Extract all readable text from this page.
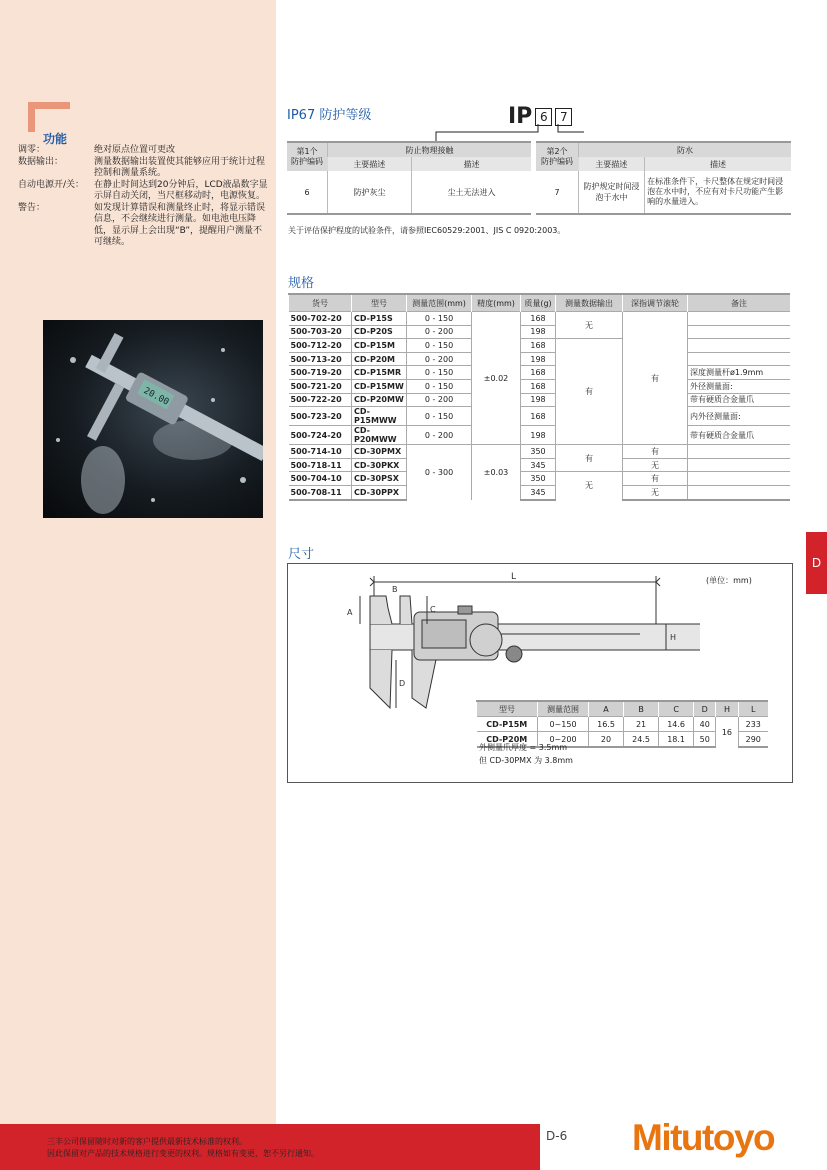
功能
调零：	绝对原点位置可更改
数据输出：	测量数据输出装置使其能够应用于统计过程控制和测量系统。
自动电源开/关：	在静止时间达到20分钟后，LCD液晶数字显示屏自动关闭，当尺框移动时，电源恢复。
警告：	如发现计算错误和测量终止时，将显示错误信息，不会继续进行测量。如电池电压降低，显示屏上会出现“B”，提醒用户测量不可继续。
20.00
IP67 防护等级	IP 6	7
第1个
防护编码	防止物理接触	
	主要描述	描述
6	防护灰尘	尘土无法进入
第2个
防护编码	防水	
	主要描述	描述
7	防护规定时间浸泡于水中	在标准条件下，卡尺整体在规定时间浸泡在水中时，不应有对卡尺功能产生影响的水量进入。
关于评估保护程度的试验条件，请参照IEC60529:2001、JIS C 0920:2003。
规格
货号	型号	测量范围(mm)	精度(mm)	质量(g)	测量数据输出	深指调节滚轮	备注
500-702-20	CD-P15S	0 - 150	±0.02	168	无	有	
500-703-20	CD-P20S	0 - 200		198			
500-712-20	CD-P15M	0 - 150		168	有		
500-713-20	CD-P20M	0 - 200		198			
500-719-20	CD-P15MR	0 - 150		168			深度测量杆ø1.9mm
500-721-20	CD-P15MW	0 - 150		168			外径测量面:
500-722-20	CD-P20MW	0 - 200		198			带有硬质合金量爪
500-723-20	CD-P15MWW	0 - 150		168			内外径测量面:
500-724-20	CD-P20MWW	0 - 200		198			带有硬质合金量爪
500-714-10	CD-30PMX	0 - 300	±0.03	350	有	有	
500-718-11	CD-30PKX			345		无	
500-704-10	CD-30PSX			350	无	有	
500-708-11	CD-30PPX			345		无	
尺寸
(单位：mm)
L
A
B
C
D
H
型号	测量范围	A	B	C	D	H	L
CD-P15M	0~150	16.5	21	14.6	40	16	233
CD-P20M	0~200	20	24.5	18.1	50		290
外侧量爪厚度 = 3.5mm
但 CD-30PMX 为 3.8mm
D
三丰公司保留随时对新的客户提供最新技术标准的权利。
因此保留对产品的技术规格进行变更的权利。规格如有变更，恕不另行通知。
D-6 Mitutoyo
